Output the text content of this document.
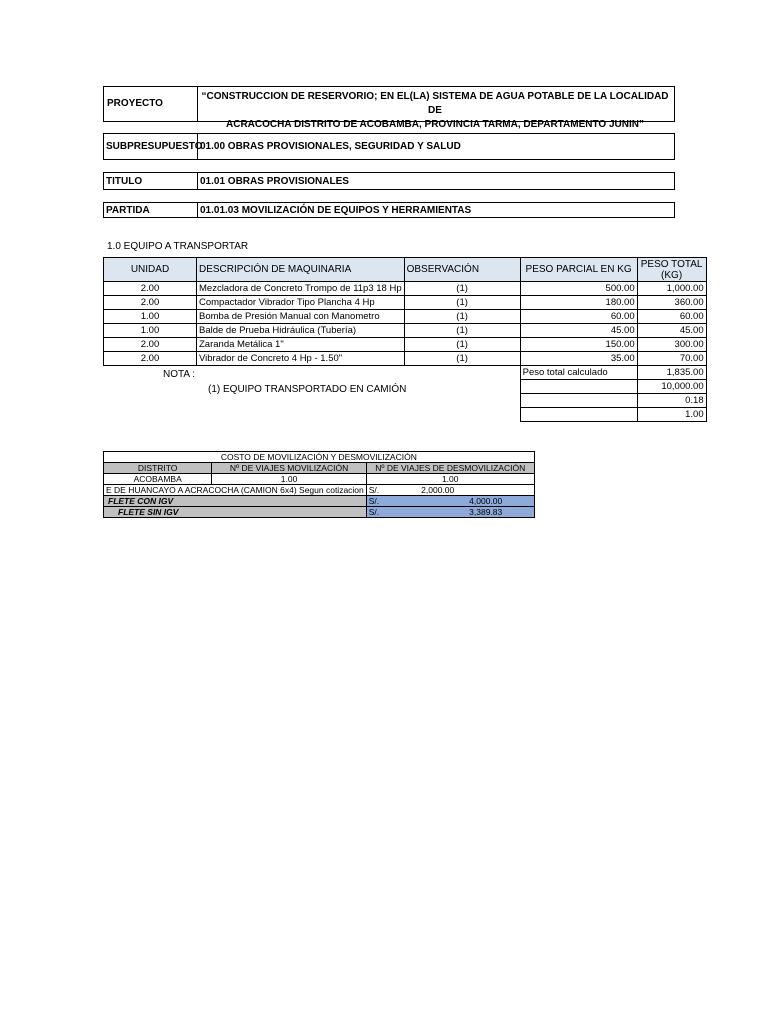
PROYECTO
“CONSTRUCCION DE RESERVORIO; EN EL(LA) SISTEMA DE AGUA POTABLE DE LA LOCALIDAD DE
ACRACOCHA DISTRITO DE ACOBAMBA, PROVINCIA TARMA, DEPARTAMENTO JUNIN”
SUBPRESUPUESTO
01.00 OBRAS PROVISIONALES, SEGURIDAD Y SALUD
TITULO	01.01 OBRAS PROVISIONALES
PARTIDA	01.01.03 MOVILIZACIÓN DE EQUIPOS Y HERRAMIENTAS
1.0 EQUIPO A TRANSPORTAR
UNIDAD	DESCRIPCIÓN DE MAQUINARIA	OBSERVACIÓN	PESO PARCIAL EN KG	PESO TOTAL (KG)
2.00	Mezcladora de Concreto Trompo de 11p3 18 Hp	(1)	500.00	1,000.00
2.00	Compactador Vibrador Tipo Plancha 4 Hp	(1)	180.00	360.00
1.00	Bomba de Presión Manual con Manometro	(1)	60.00	60.00
1.00	Balde de Prueba Hidráulica (Tubería)	(1)	45.00	45.00
2.00	Zaranda Metálica 1"	(1)	150.00	300.00
2.00	Vibrador de Concreto 4 Hp - 1.50"	(1)	35.00	70.00
			Peso total calculado	1,835.00
				10,000.00
				0.18
				1.00
NOTA :
(1) EQUIPO TRANSPORTADO EN CAMIÓN
COSTO DE MOVILIZACIÓN Y DESMOVILIZACIÓN			
DISTRITO	Nº DE VIAJES MOVILIZACIÓN	Nº DE VIAJES DE DESMOVILIZACIÓN	
ACOBAMBA	1.00	1.00	
E DE HUANCAYO A ACRACOCHA (CAMION 6x4) Segun cotizacion		S/.	2,000.00
FLETE CON IGV		S/.	4,000.00
FLETE SIN IGV		S/.	3,389.83
